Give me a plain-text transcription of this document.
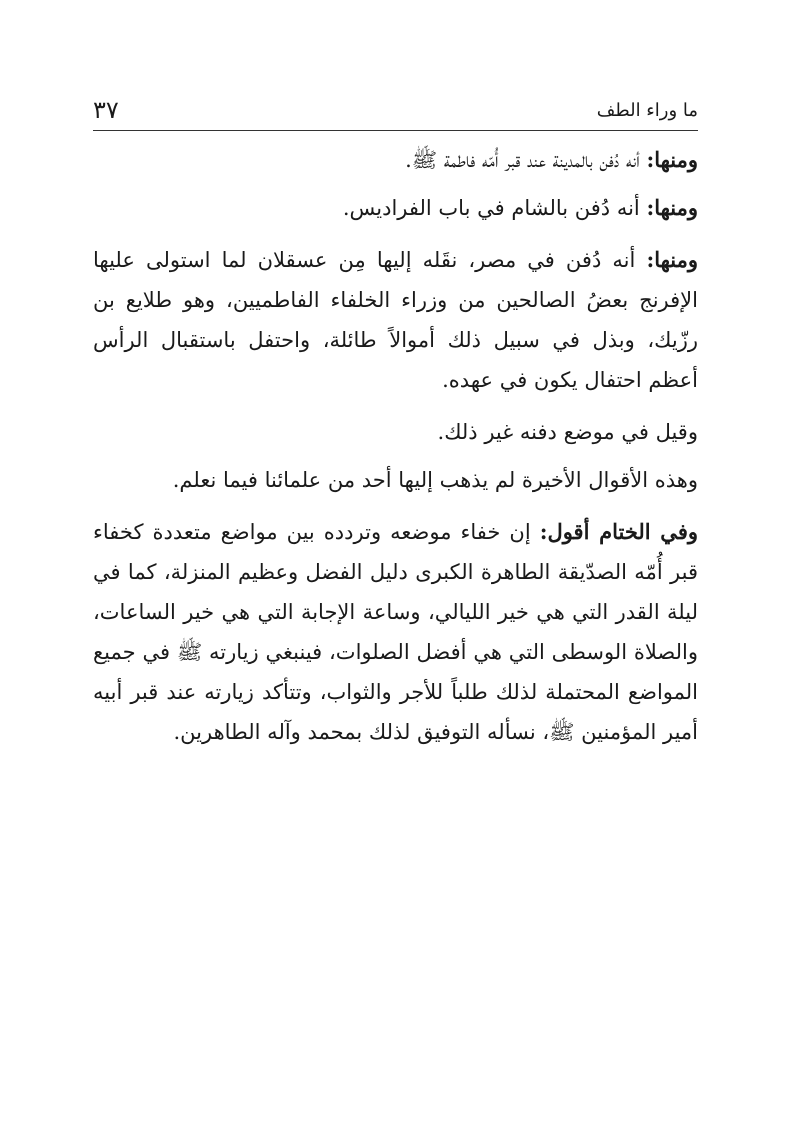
ما وراء الطف
٣٧

ومنها: أنه دُفن بالمدينة عند قبر أُمّه فاطمة ﷺ.

ومنها: أنه دُفن بالشام في باب الفراديس.

ومنها: أنه دُفن في مصر، نقَله إليها مِن عسقلان لما استولى عليها الإفرنج بعضُ الصالحين من وزراء الخلفاء الفاطميين، وهو طلايع بن رزّيك، وبذل في سبيل ذلك أموالاً طائلة، واحتفل باستقبال الرأس أعظم احتفال يكون في عهده.

وقيل في موضع دفنه غير ذلك.

وهذه الأقوال الأخيرة لم يذهب إليها أحد من علمائنا فيما نعلم.

وفي الختام أقول: إن خفاء موضعه وتردده بين مواضع متعددة كخفاء قبر أُمّه الصدّيقة الطاهرة الكبرى دليل الفضل وعظيم المنزلة، كما في ليلة القدر التي هي خير الليالي، وساعة الإجابة التي هي خير الساعات، والصلاة الوسطى التي هي أفضل الصلوات، فينبغي زيارته ﷺ في جميع المواضع المحتملة لذلك طلباً للأجر والثواب، وتتأكد زيارته عند قبر أبيه أمير المؤمنين ﷺ، نسأله التوفيق لذلك بمحمد وآله الطاهرين.
